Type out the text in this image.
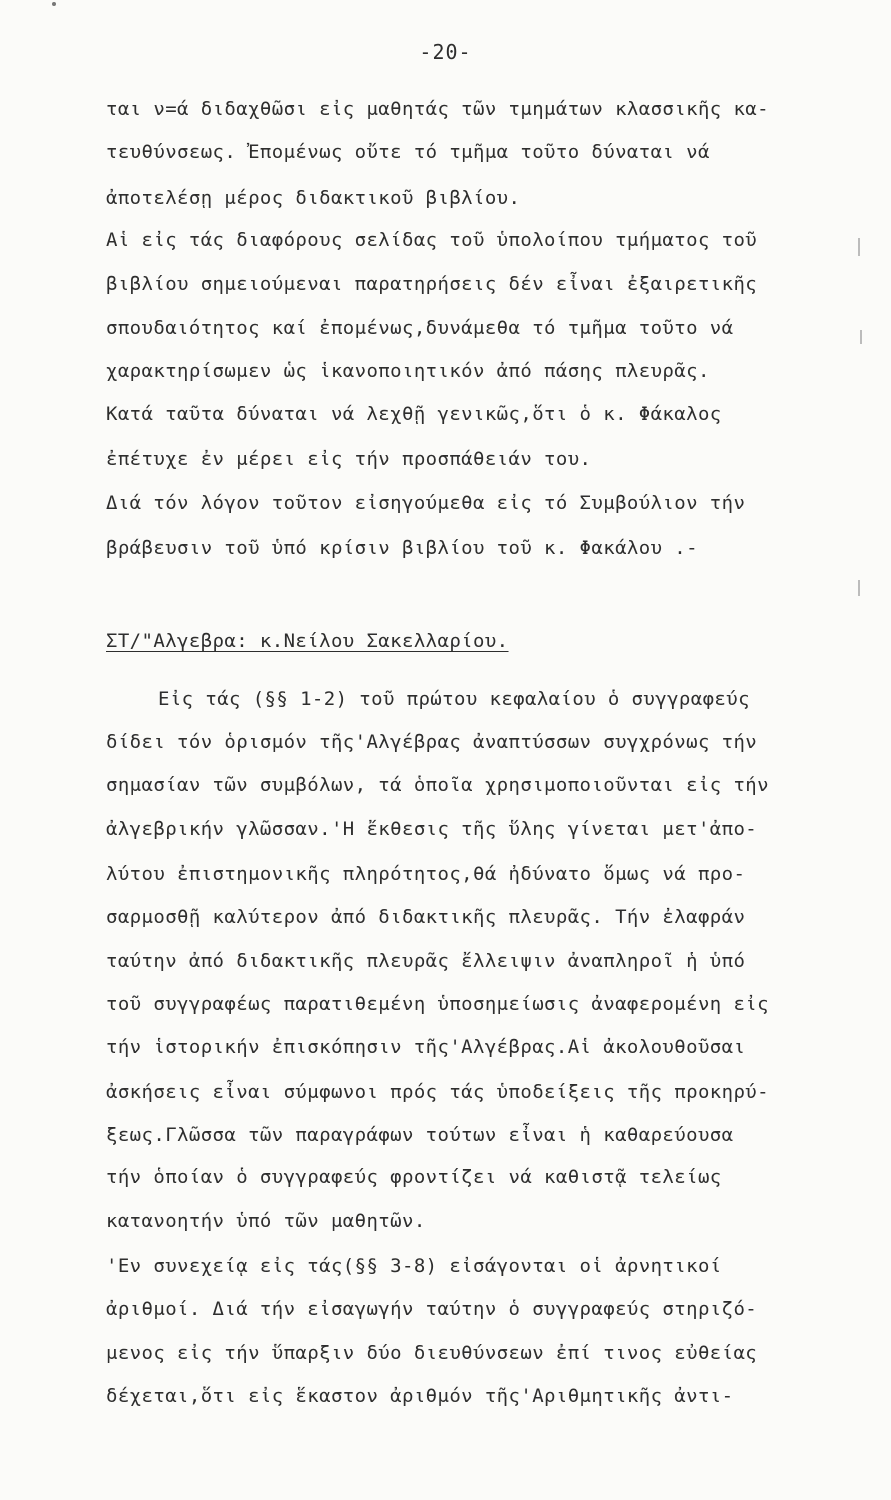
-20-
ται ν=ά διδαχθῶσι εἰς μαθητάς τῶν τμημάτων κλασσικῆς κα-
τευθύνσεως. Ἐπομένως οὔτε τό τμῆμα τοῦτο δύναται νά
ἀποτελέσῃ μέρος διδακτικοῦ βιβλίου.
Αἱ εἰς τάς διαφόρους σελίδας τοῦ ὑπολοίπου τμήματος τοῦ
βιβλίου σημειούμεναι παρατηρήσεις δέν εἶναι ἐξαιρετικῆς
σπουδαιότητος καί ἐπομένως,δυνάμεθα τό τμῆμα τοῦτο νά
χαρακτηρίσωμεν ὡς ἱκανοποιητικόν ἀπό πάσης πλευρᾶς.
Κατά ταῦτα δύναται νά λεχθῇ γενικῶς,ὅτι ὁ κ. Φάκαλος
ἐπέτυχε ἐν μέρει εἰς τήν προσπάθειάν του.
Διά τόν λόγον τοῦτον εἰσηγούμεθα εἰς τό Συμβούλιον τήν
βράβευσιν τοῦ ὑπό κρίσιν βιβλίου τοῦ κ. Φακάλου .-
ΣΤ/"Αλγεβρα: κ.Νείλου Σακελλαρίου.
Εἰς τάς (§§ 1-2) τοῦ πρώτου κεφαλαίου ὁ συγγραφεύς
δίδει τόν ὁρισμόν τῆς'Αλγέβρας ἀναπτύσσων συγχρόνως τήν
σημασίαν τῶν συμβόλων, τά ὁποῖα χρησιμοποιοῦνται εἰς τήν
ἀλγεβρικήν γλῶσσαν.'Η ἔκθεσις τῆς ὕλης γίνεται μετ'ἀπο-
λύτου ἐπιστημονικῆς πληρότητος,θά ἠδύνατο ὅμως νά προ-
σαρμοσθῇ καλύτερον ἀπό διδακτικῆς πλευρᾶς. Τήν ἐλαφράν
ταύτην ἀπό διδακτικῆς πλευρᾶς ἔλλειψιν ἀναπληροῖ ἡ ὑπό
τοῦ συγγραφέως παρατιθεμένη ὑποσημείωσις ἀναφερομένη εἰς
τήν ἱστορικήν ἐπισκόπησιν τῆς'Αλγέβρας.Αἱ ἀκολουθοῦσαι
ἀσκήσεις εἶναι σύμφωνοι πρός τάς ὑποδείξεις τῆς προκηρύ-
ξεως.Γλῶσσα τῶν παραγράφων τούτων εἶναι ἡ καθαρεύουσα
τήν ὁποίαν ὁ συγγραφεύς φροντίζει νά καθιστᾷ τελείως
κατανοητήν ὑπό τῶν μαθητῶν.
'Εν συνεχείᾳ εἰς τάς(§§ 3-8) εἰσάγονται οἱ ἀρνητικοί
ἀριθμοί. Διά τήν εἰσαγωγήν ταύτην ὁ συγγραφεύς στηριζό-
μενος εἰς τήν ὕπαρξιν δύο διευθύνσεων ἐπί τινος εὐθείας
δέχεται,ὅτι εἰς ἕκαστον ἀριθμόν τῆς'Αριθμητικῆς ἀντι-
